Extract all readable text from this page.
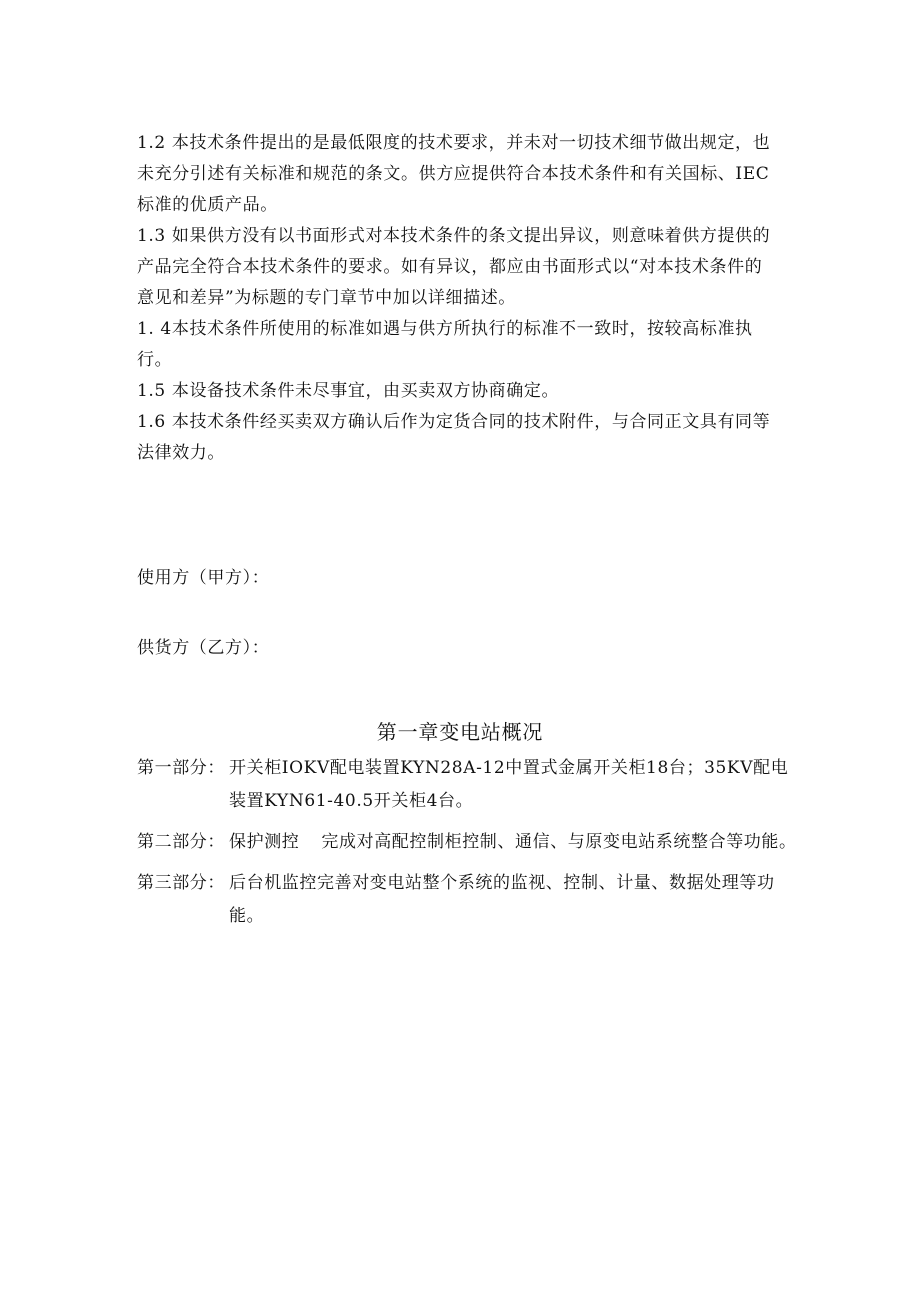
1.2 本技术条件提出的是最低限度的技术要求，并未对一切技术细节做出规定，也未充分引述有关标准和规范的条文。供方应提供符合本技术条件和有关国标、IEC标准的优质产品。

1.3 如果供方没有以书面形式对本技术条件的条文提出异议，则意味着供方提供的产品完全符合本技术条件的要求。如有异议，都应由书面形式以“对本技术条件的意见和差异”为标题的专门章节中加以详细描述。

1. 4本技术条件所使用的标准如遇与供方所执行的标准不一致时，按较高标准执行。

1.5 本设备技术条件未尽事宜，由买卖双方协商确定。

1.6 本技术条件经买卖双方确认后作为定货合同的技术附件，与合同正文具有同等法律效力。

使用方（甲方）：
供货方（乙方）：
第一章变电站概况
第一部分： 开关柜IOKV配电装置KYN28A-12中置式金属开关柜18台；35KV配电装置KYN61-40.5开关柜4台。
第二部分： 保护测控 完成对高配控制柜控制、通信、与原变电站系统整合等功能。
第三部分： 后台机监控完善对变电站整个系统的监视、控制、计量、数据处理等功能。
